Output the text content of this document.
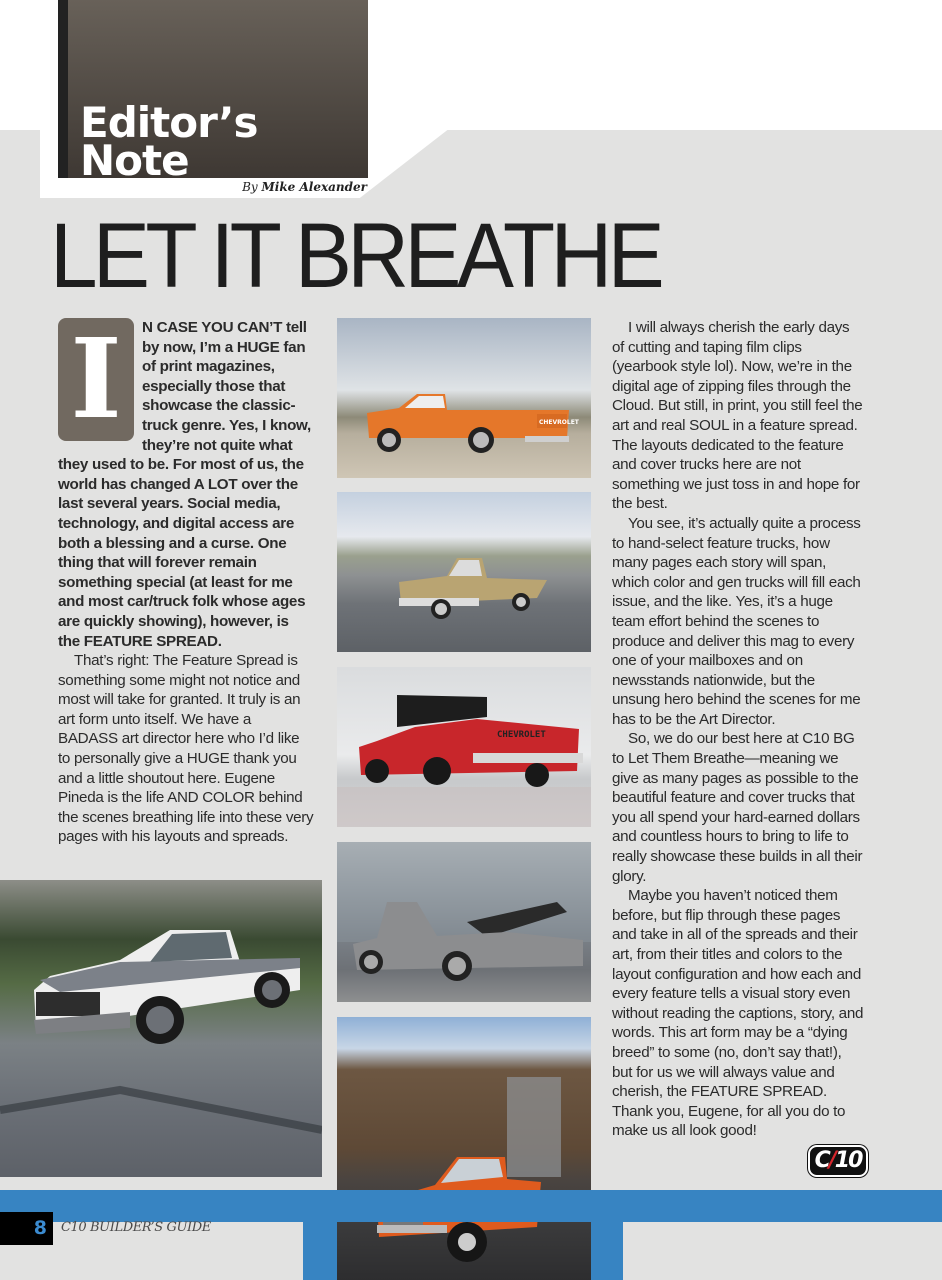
Editor’s
Note
By Mike Alexander
LET IT BREATHE
I	N CASE YOU CAN’T tell by now, I’m a HUGE fan of print magazines, especially those that showcase the classic-truck genre. Yes, I know, they’re not quite what they used to be. For most of us, the world has changed A LOT over the last several years. Social media, technology, and digital access are both a blessing and a curse. One thing that will forever remain something special (at least for me and most car/truck folk whose ages are quickly showing), however, is the FEATURE SPREAD.

That’s right: The Feature Spread is something some might not notice and most will take for granted. It truly is an art form unto itself. We have a BADASS art director here who I’d like to personally give a HUGE thank you and a little shoutout here. Eugene Pineda is the life AND COLOR behind the scenes breathing life into these very pages with his layouts and spreads.

I will always cherish the early days of cutting and taping film clips (yearbook style lol). Now, we’re in the digital age of zipping files through the Cloud. But still, in print, you still feel the art and real SOUL in a feature spread. The layouts dedicated to the feature and cover trucks here are not something we just toss in and hope for the best.

You see, it’s actually quite a process to hand-select feature trucks, how many pages each story will span, which color and gen trucks will fill each issue, and the like. Yes, it’s a huge team effort behind the scenes to produce and deliver this mag to every one of your mailboxes and on newsstands nationwide, but the unsung hero behind the scenes for me has to be the Art Director.

So, we do our best here at C10 BG to Let Them Breathe—meaning we give as many pages as possible to the beautiful feature and cover trucks that you all spend your hard-earned dollars and countless hours to bring to life to really showcase these builds in all their glory.

Maybe you haven’t noticed them before, but flip through these pages and take in all of the spreads and their art, from their titles and colors to the layout configuration and how each and every feature tells a visual story even without reading the captions, story, and words. This art form may be a “dying breed” to some (no, don’t say that!), but for us we will always value and cherish, the FEATURE SPREAD. Thank you, Eugene, for all you do to make us all look good!

CHEVROLET
CHEVROLET
C/10
8	C10 BUILDER’S GUIDE
